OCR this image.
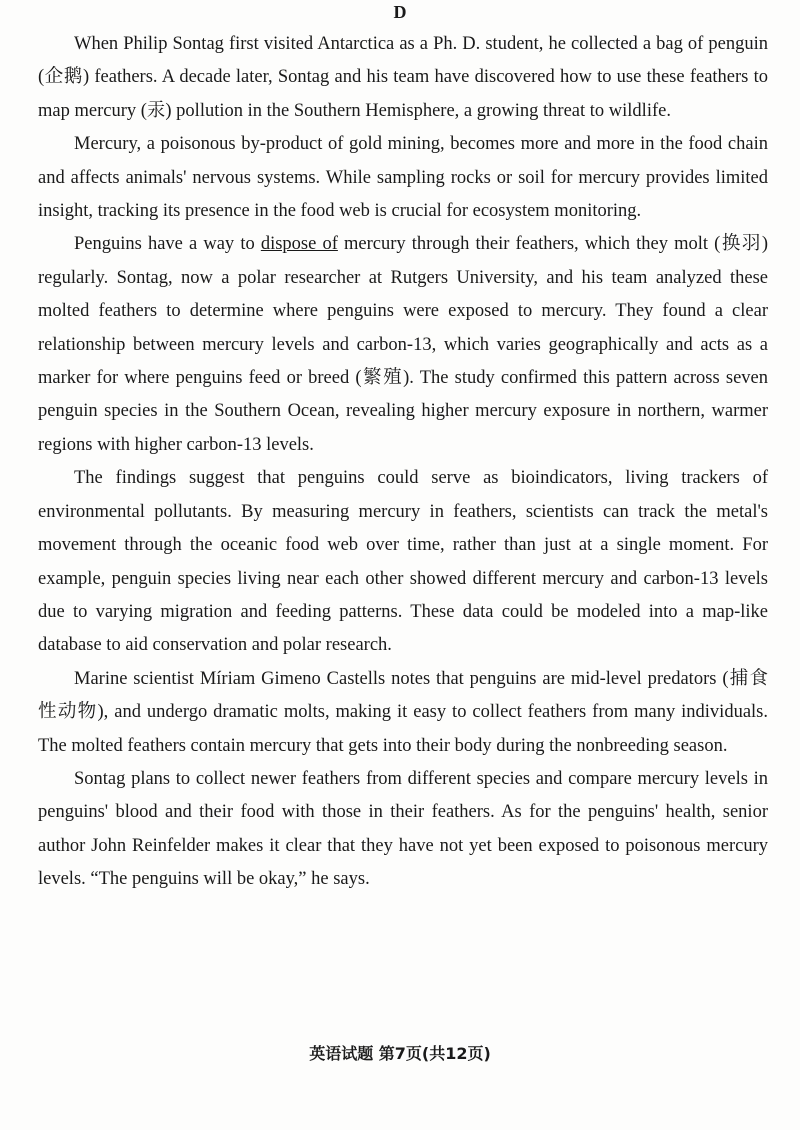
D

When Philip Sontag first visited Antarctica as a Ph. D. student, he collected a bag of penguin (企鹅) feathers. A decade later, Sontag and his team have discovered how to use these feathers to map mercury (汞) pollution in the Southern Hemisphere, a growing threat to wildlife.

Mercury, a poisonous by-product of gold mining, becomes more and more in the food chain and affects animals' nervous systems. While sampling rocks or soil for mercury provides limited insight, tracking its presence in the food web is crucial for ecosystem monitoring.

Penguins have a way to dispose of mercury through their feathers, which they molt (换羽) regularly. Sontag, now a polar researcher at Rutgers University, and his team analyzed these molted feathers to determine where penguins were exposed to mercury. They found a clear relationship between mercury levels and carbon-13, which varies geographically and acts as a marker for where penguins feed or breed (繁殖). The study confirmed this pattern across seven penguin species in the Southern Ocean, revealing higher mercury exposure in northern, warmer regions with higher carbon-13 levels.

The findings suggest that penguins could serve as bioindicators, living trackers of environmental pollutants. By measuring mercury in feathers, scientists can track the metal's movement through the oceanic food web over time, rather than just at a single moment. For example, penguin species living near each other showed different mercury and carbon-13 levels due to varying migration and feeding patterns. These data could be modeled into a map-like database to aid conservation and polar research.

Marine scientist Míriam Gimeno Castells notes that penguins are mid-level predators (捕食性动物), and undergo dramatic molts, making it easy to collect feathers from many individuals. The molted feathers contain mercury that gets into their body during the nonbreeding season.

Sontag plans to collect newer feathers from different species and compare mercury levels in penguins' blood and their food with those in their feathers. As for the penguins' health, senior author John Reinfelder makes it clear that they have not yet been exposed to poisonous mercury levels. “The penguins will be okay,” he says.

英语试题 第7页(共12页)
